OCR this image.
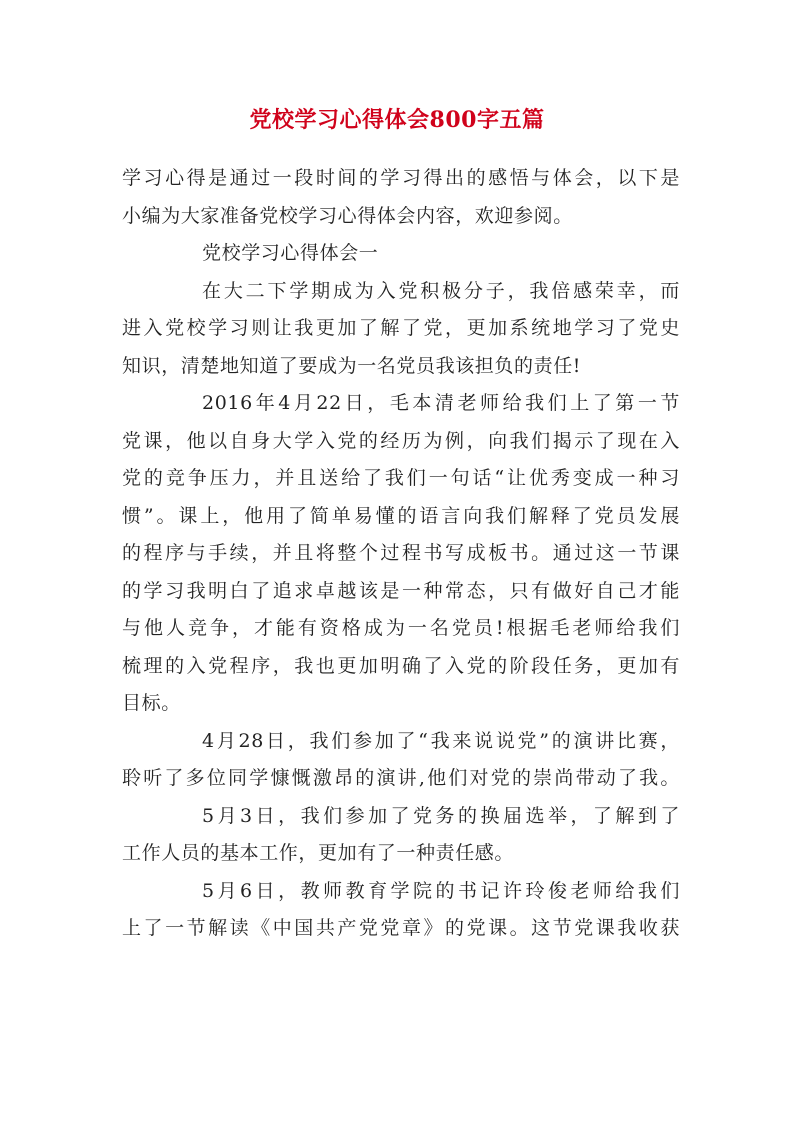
党校学习心得体会800字五篇
学习心得是通过一段时间的学习得出的感悟与体会，以下是
小编为大家准备党校学习心得体会内容，欢迎参阅。
党校学习心得体会一
在大二下学期成为入党积极分子，我倍感荣幸，而
进入党校学习则让我更加了解了党，更加系统地学习了党史
知识，清楚地知道了要成为一名党员我该担负的责任!
2016年4月22日，毛本清老师给我们上了第一节
党课，他以自身大学入党的经历为例，向我们揭示了现在入
党的竞争压力，并且送给了我们一句话“让优秀变成一种习
惯”。课上，他用了简单易懂的语言向我们解释了党员发展
的程序与手续，并且将整个过程书写成板书。通过这一节课
的学习我明白了追求卓越该是一种常态，只有做好自己才能
与他人竞争，才能有资格成为一名党员!根据毛老师给我们
梳理的入党程序，我也更加明确了入党的阶段任务，更加有
目标。
4月28日，我们参加了“我来说说党”的演讲比赛，
聆听了多位同学慷慨激昂的演讲,他们对党的崇尚带动了我。
5月3日，我们参加了党务的换届选举，了解到了
工作人员的基本工作，更加有了一种责任感。
5月6日，教师教育学院的书记许玲俊老师给我们
上了一节解读《中国共产党党章》的党课。这节党课我收获
